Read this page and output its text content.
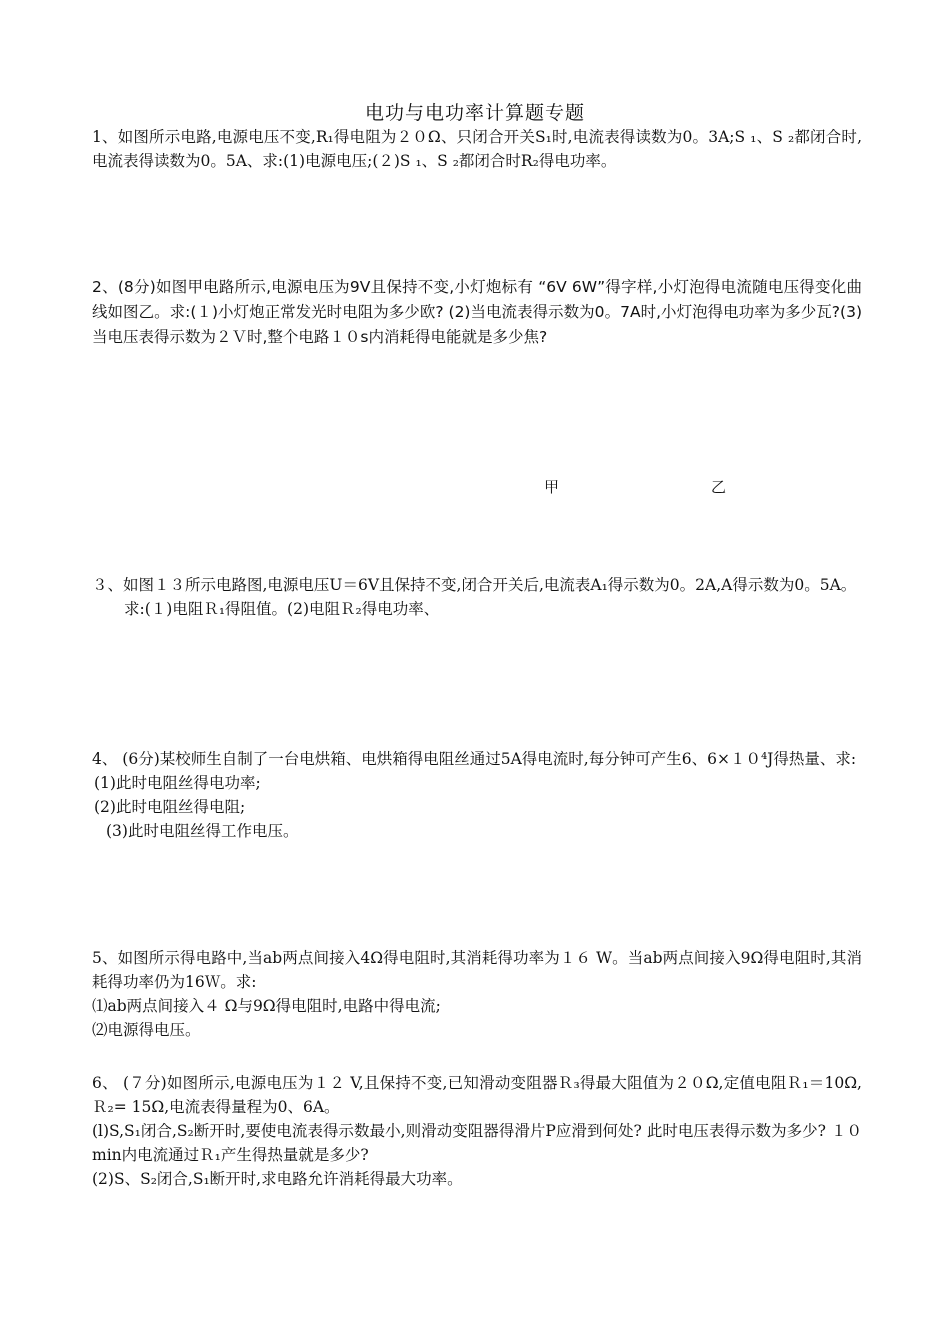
电功与电功率计算题专题

1、如图所示电路,电源电压不变,R₁得电阻为２０Ω、只闭合开关S₁时,电流表得读数为0。3A;S ₁、S ₂都闭合时,电流表得读数为0。5A、求:(1)电源电压;(２)S ₁、S ₂都闭合时R₂得电功率。

2、(8分)如图甲电路所示,电源电压为9V且保持不变,小灯炮标有 “6V 6W”得字样,小灯泡得电流随电压得变化曲线如图乙。求:(１)小灯炮正常发光时电阻为多少欧? (2)当电流表得示数为0。7A时,小灯泡得电功率为多少瓦?(3)当电压表得示数为２Ｖ时,整个电路１０s内消耗得电能就是多少焦?

甲	乙

３、如图１３所示电路图,电源电压U＝6V且保持不变,闭合开关后,电流表A₁得示数为0。2A,A得示数为0。5A。

求:(１)电阻Ｒ₁得阻值。(2)电阻Ｒ₂得电功率、

4、 (6分)某校师生自制了一台电烘箱、电烘箱得电阻丝通过5A得电流时,每分钟可产生6、6×１０⁴J得热量、求:

(1)此时电阻丝得电功率;

(2)此时电阻丝得电阻;

(3)此时电阻丝得工作电压。

5、如图所示得电路中,当ab两点间接入4Ω得电阻时,其消耗得功率为１６ W。当ab两点间接入9Ω得电阻时,其消耗得功率仍为16Ｗ。求:

⑴ab两点间接入４ Ω与9Ω得电阻时,电路中得电流;

⑵电源得电压。

6、 (７分)如图所示,电源电压为１２ V,且保持不变,已知滑动变阻器Ｒ₃得最大阻值为２０Ω,定值电阻Ｒ₁＝10Ω,Ｒ₂= 15Ω,电流表得量程为0、6A。

(l)S,S₁闭合,S₂断开时,要使电流表得示数最小,则滑动变阻器得滑片P应滑到何处? 此时电压表得示数为多少? １０min内电流通过Ｒ₁产生得热量就是多少?

(2)S、S₂闭合,S₁断开时,求电路允许消耗得最大功率。
